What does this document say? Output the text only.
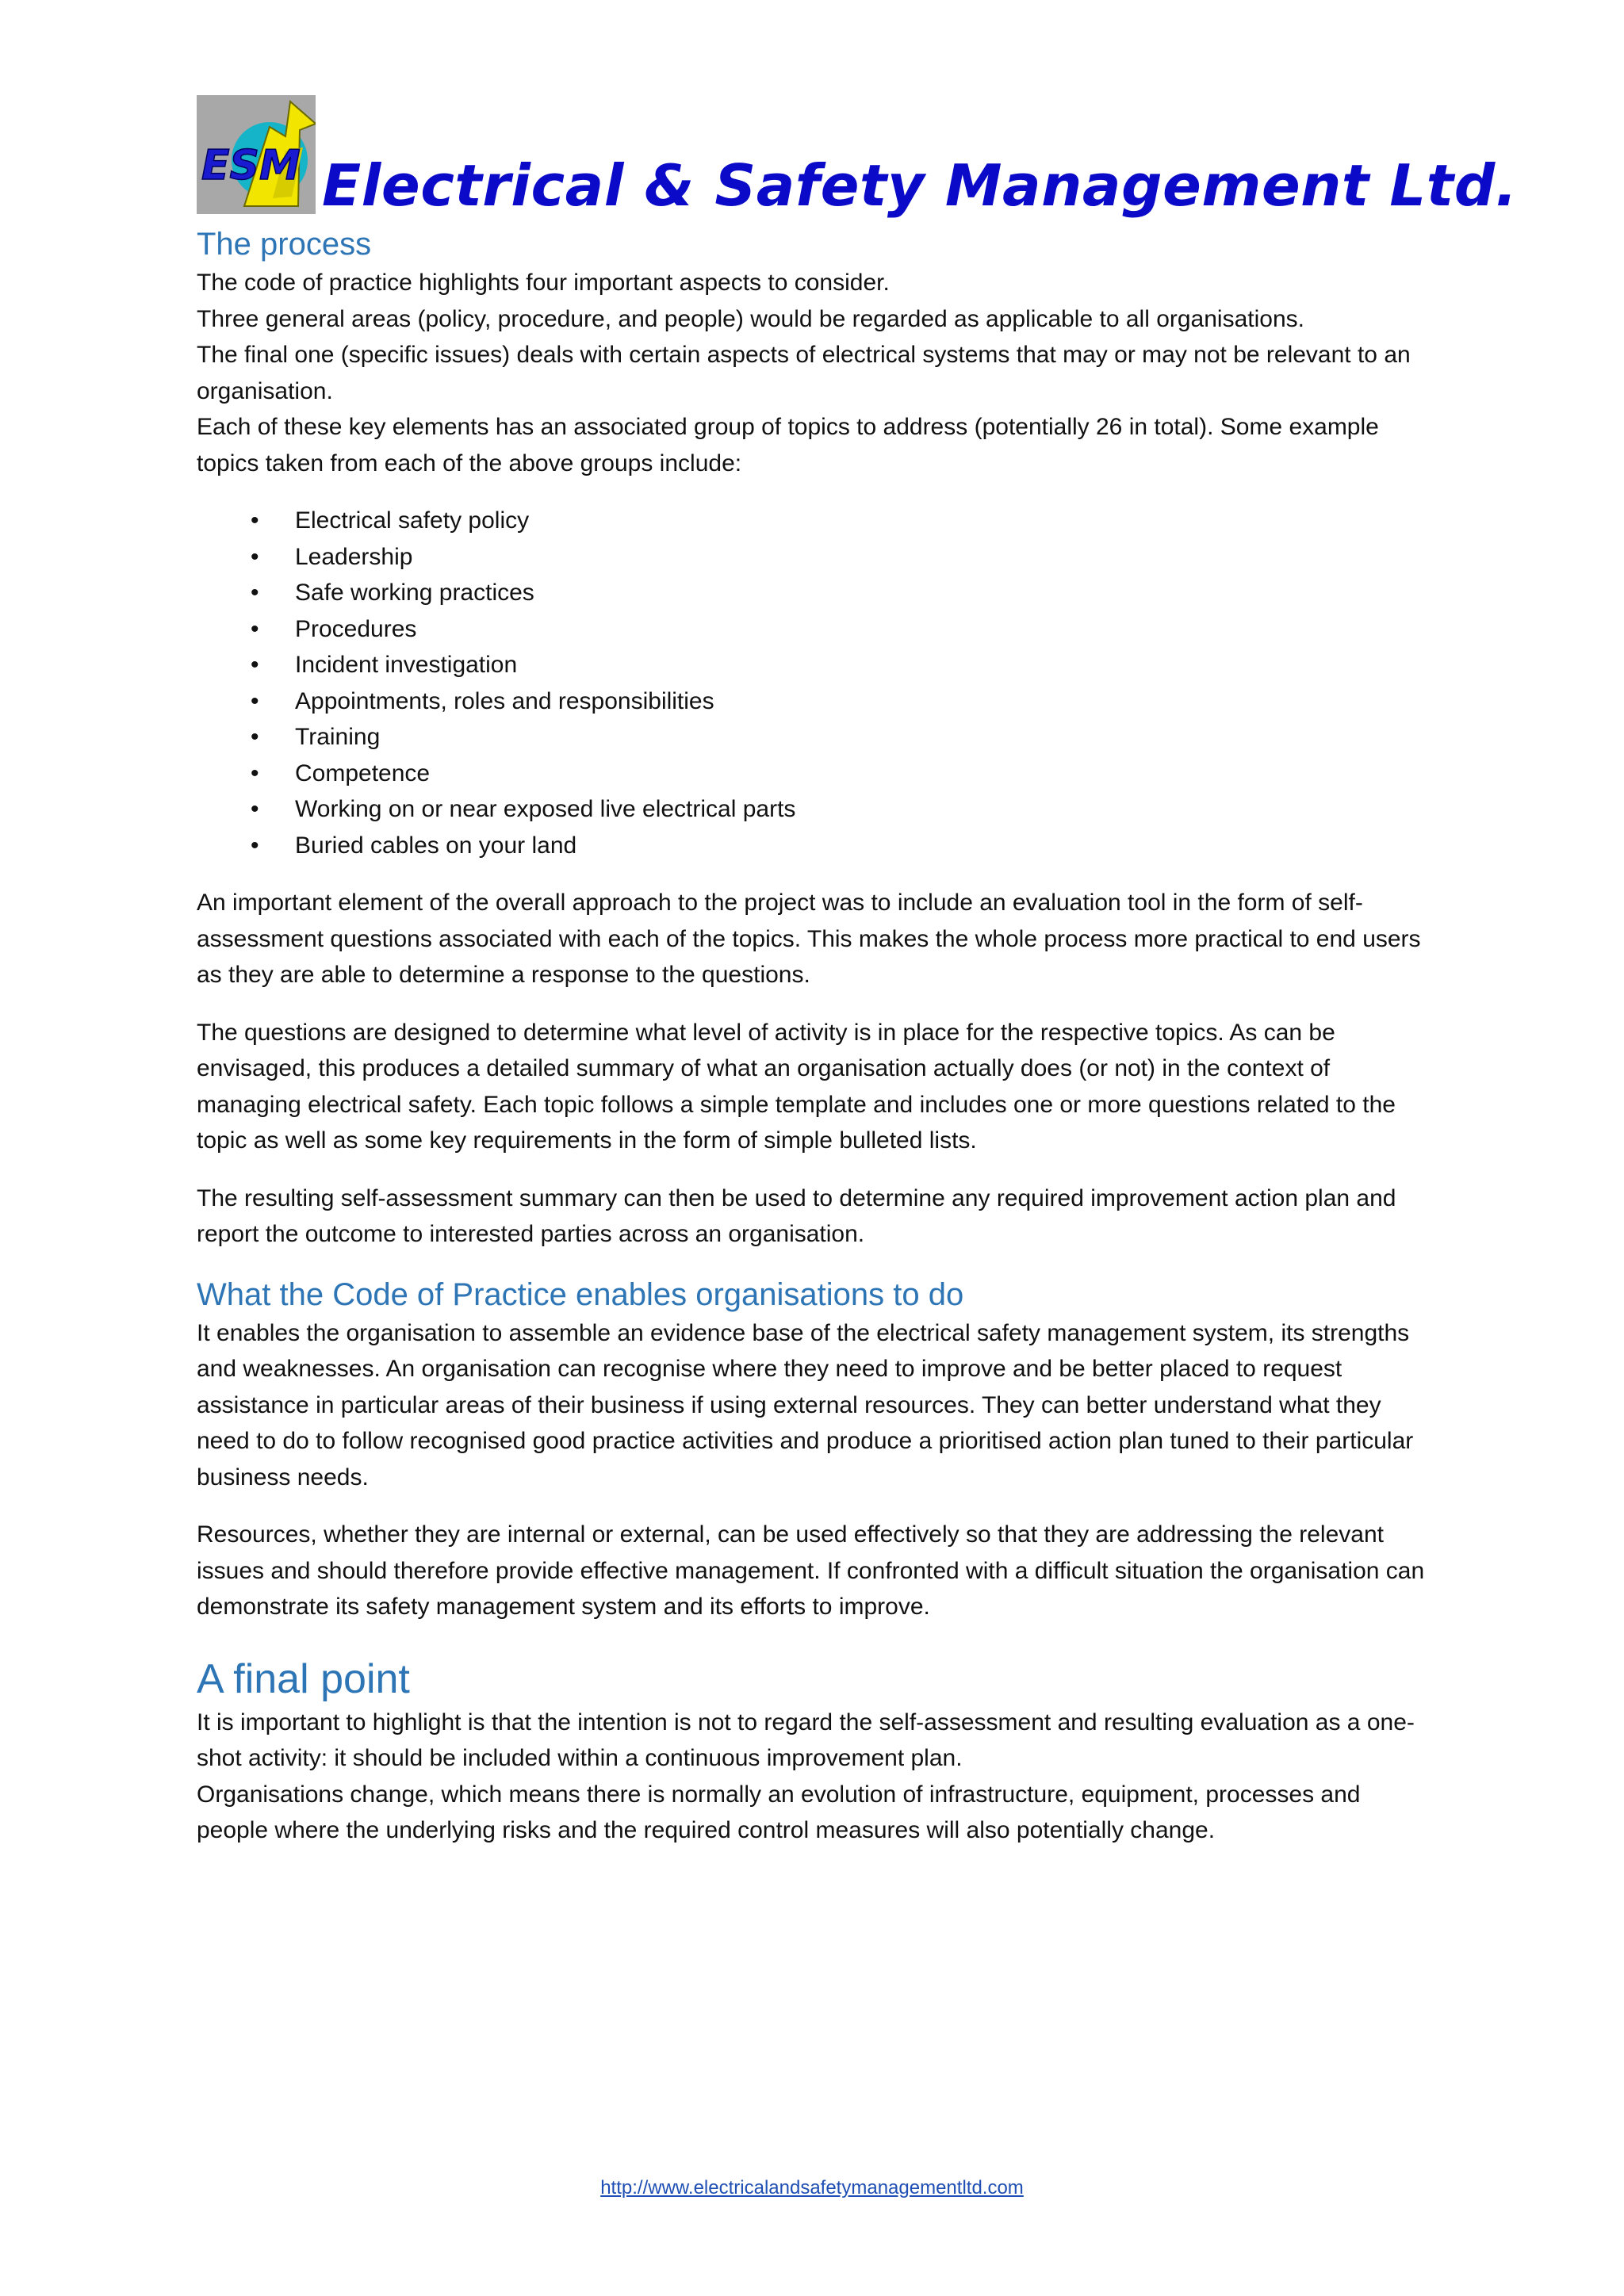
ESM Electrical & Safety Management Ltd.
The process

The code of practice highlights four important aspects to consider.

Three general areas (policy, procedure, and people) would be regarded as applicable to all organisations.

The final one (specific issues) deals with certain aspects of electrical systems that may or may not be relevant to an organisation.

Each of these key elements has an associated group of topics to address (potentially 26 in total). Some example topics taken from each of the above groups include:

• Electrical safety policy
• Leadership
• Safe working practices
• Procedures
• Incident investigation
• Appointments, roles and responsibilities
• Training
• Competence
• Working on or near exposed live electrical parts
• Buried cables on your land

An important element of the overall approach to the project was to include an evaluation tool in the form of self-assessment questions associated with each of the topics. This makes the whole process more practical to end users as they are able to determine a response to the questions.

The questions are designed to determine what level of activity is in place for the respective topics. As can be envisaged, this produces a detailed summary of what an organisation actually does (or not) in the context of managing electrical safety. Each topic follows a simple template and includes one or more questions related to the topic as well as some key requirements in the form of simple bulleted lists.

The resulting self-assessment summary can then be used to determine any required improvement action plan and report the outcome to interested parties across an organisation.

What the Code of Practice enables organisations to do

It enables the organisation to assemble an evidence base of the electrical safety management system, its strengths and weaknesses. An organisation can recognise where they need to improve and be better placed to request assistance in particular areas of their business if using external resources. They can better understand what they need to do to follow recognised good practice activities and produce a prioritised action plan tuned to their particular business needs.

Resources, whether they are internal or external, can be used effectively so that they are addressing the relevant issues and should therefore provide effective management. If confronted with a difficult situation the organisation can demonstrate its safety management system and its efforts to improve.

A final point

It is important to highlight is that the intention is not to regard the self-assessment and resulting evaluation as a one-shot activity: it should be included within a continuous improvement plan.

Organisations change, which means there is normally an evolution of infrastructure, equipment, processes and people where the underlying risks and the required control measures will also potentially change.

http://www.electricalandsafetymanagementltd.com
